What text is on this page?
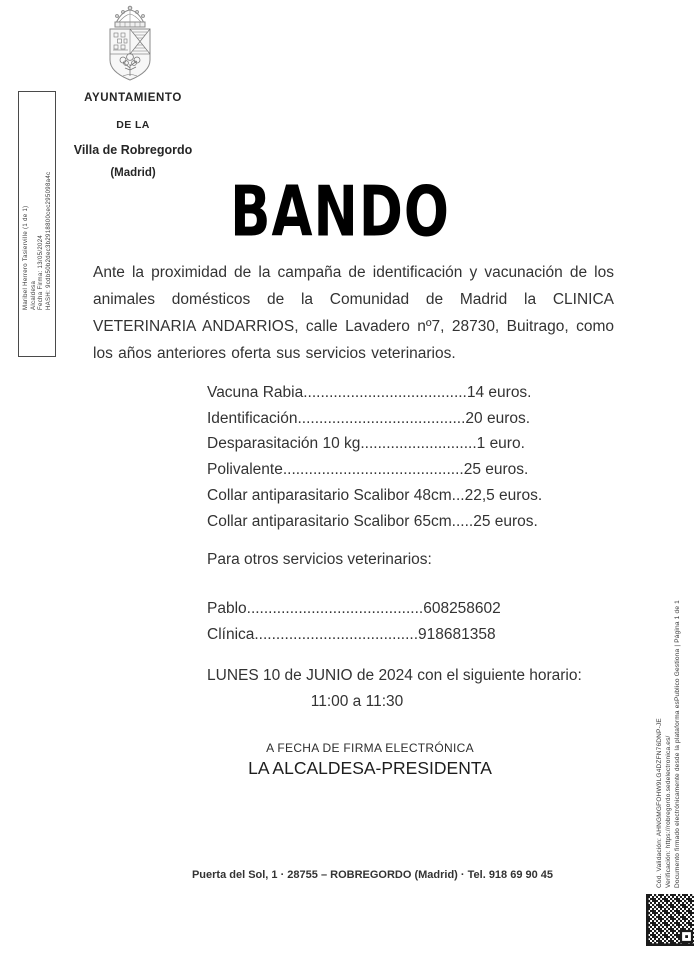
AYUNTAMIENTO
DE LA
Villa de Robregordo
(Madrid)
Maribel Herrero Tasierville (1 de 1) Alcaldesa Fecha Firma: 13/05/2024 HASH: 9cdb50b2dec3b2918800cec295098a4c	BANDO
Ante la proximidad de la campaña de identificación y vacunación de los animales domésticos de la Comunidad de Madrid la CLINICA VETERINARIA ANDARRIOS, calle Lavadero nº7, 28730, Buitrago, como los años anteriores oferta sus servicios veterinarios.
Vacuna Rabia......................................14 euros.
Identificación.......................................20 euros.
Desparasitación 10 kg...........................1 euro.
Polivalente..........................................25 euros.
Collar antiparasitario Scalibor 48cm...22,5 euros.
Collar antiparasitario Scalibor 65cm.....25 euros.
Para otros servicios veterinarios:
Pablo.........................................608258602
Clínica......................................918681358
LUNES 10 de JUNIO de 2024 con el siguiente horario:
11:00 a 11:30
A FECHA DE FIRMA ELECTRÓNICA
LA ALCALDESA-PRESIDENTA
Puerta del Sol, 1 · 28755 – ROBREGORDO (Madrid) · Tel. 918 69 90 45	Cód. Validación: AHNGMGFOHW9LG4DZFN76DNP-JE Verificación: https://robregordo.sedelectronica.es/ Documento firmado electrónicamente desde la plataforma esPublico Gestiona | Página 1 de 1
